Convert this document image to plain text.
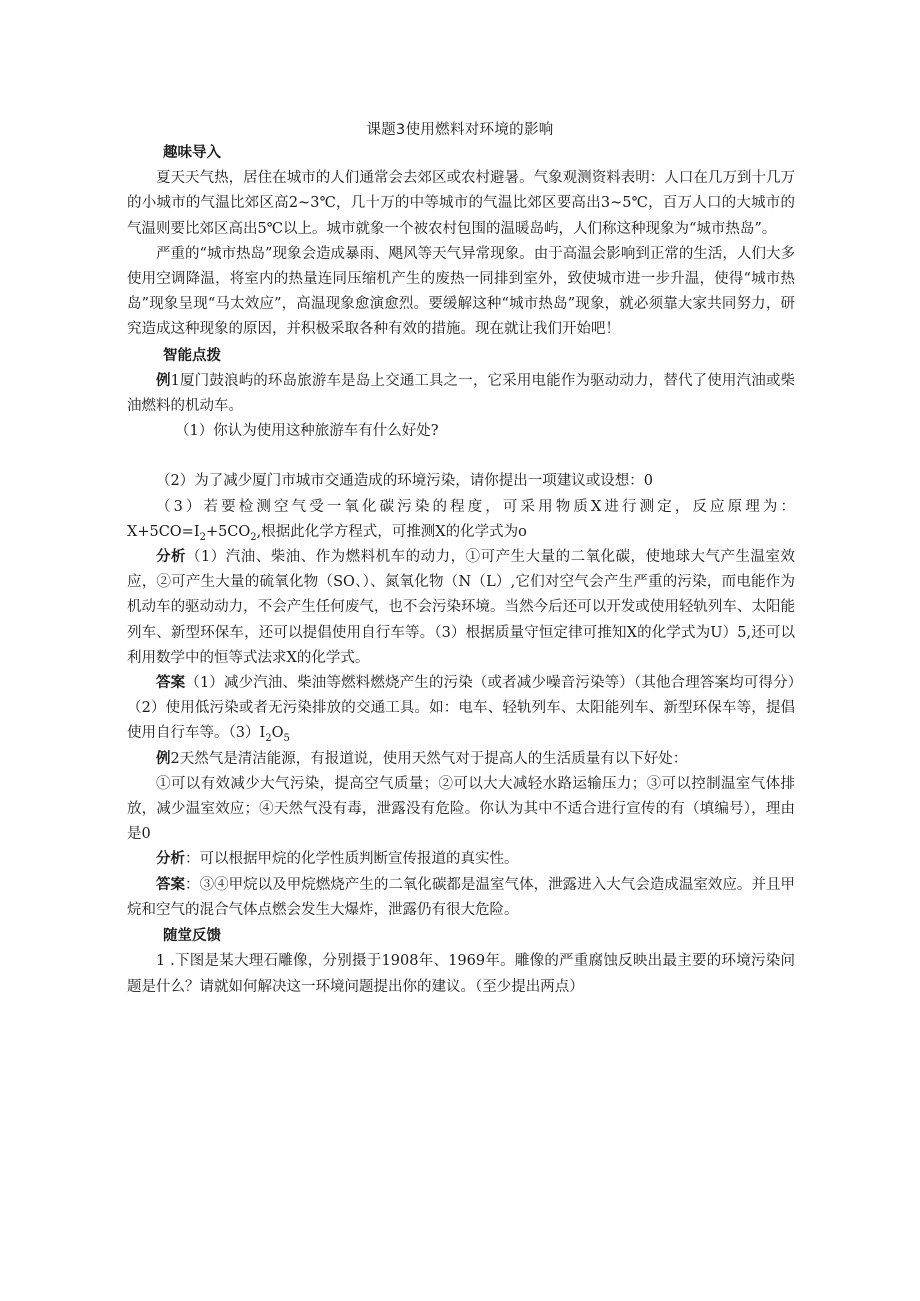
课题3使用燃料对环境的影响
趣味导入

夏天天气热，居住在城市的人们通常会去郊区或农村避暑。气象观测资料表明：人口在几万到十几万的小城市的气温比郊区高2~3℃，几十万的中等城市的气温比郊区要高出3~5℃，百万人口的大城市的气温则要比郊区高出5℃以上。城市就象一个被农村包围的温暖岛屿，人们称这种现象为“城市热岛”。

严重的“城市热岛”现象会造成暴雨、飓风等天气异常现象。由于高温会影响到正常的生活，人们大多使用空调降温，将室内的热量连同压缩机产生的废热一同排到室外，致使城市进一步升温，使得“城市热岛”现象呈现“马太效应”，高温现象愈演愈烈。要缓解这种“城市热岛”现象，就必须靠大家共同努力，研究造成这种现象的原因，并积极采取各种有效的措施。现在就让我们开始吧！

智能点拨

例1厦门鼓浪屿的环岛旅游车是岛上交通工具之一，它采用电能作为驱动动力，替代了使用汽油或柴油燃料的机动车。

（1）你认为使用这种旅游车有什么好处?

（2）为了减少厦门市城市交通造成的环境污染，请你提出一项建议或设想：0

（3）若要检测空气受一氧化碳污染的程度，可采用物质X进行测定，反应原理为：$X+5CO=I_2+5CO_2$,根据此化学方程式，可推测X的化学式为o

分析（1）汽油、柴油、作为燃料机车的动力，①可产生大量的二氧化碳，使地球大气产生温室效应，②可产生大量的硫氧化物（SO、）、氮氧化物（N（L）,它们对空气会产生严重的污染，而电能作为机动车的驱动动力，不会产生任何废气，也不会污染环境。当然今后还可以开发或使用轻轨列车、太阳能列车、新型环保车，还可以提倡使用自行车等。（3）根据质量守恒定律可推知X的化学式为U）5,还可以利用数学中的恒等式法求X的化学式。

答案（1）减少汽油、柴油等燃料燃烧产生的污染（或者减少噪音污染等）（其他合理答案均可得分）（2）使用低污染或者无污染排放的交通工具。如：电车、轻轨列车、太阳能列车、新型环保车等，提倡使用自行车等。$(3)I_2O_5$

例2天然气是清洁能源，有报道说，使用天然气对于提高人的生活质量有以下好处：

①可以有效减少大气污染，提高空气质量；②可以大大减轻水路运输压力；③可以控制温室气体排放，减少温室效应；④天然气没有毒，泄露没有危险。你认为其中不适合进行宣传的有（填编号），理由是0

分析：可以根据甲烷的化学性质判断宣传报道的真实性。

答案：③④甲烷以及甲烷燃烧产生的二氧化碳都是温室气体，泄露进入大气会造成温室效应。并且甲烷和空气的混合气体点燃会发生大爆炸，泄露仍有很大危险。

随堂反馈

1 .下图是某大理石雕像，分别摄于1908年、1969年。雕像的严重腐蚀反映出最主要的环境污染问题是什么？请就如何解决这一环境问题提出你的建议。（至少提出两点）
